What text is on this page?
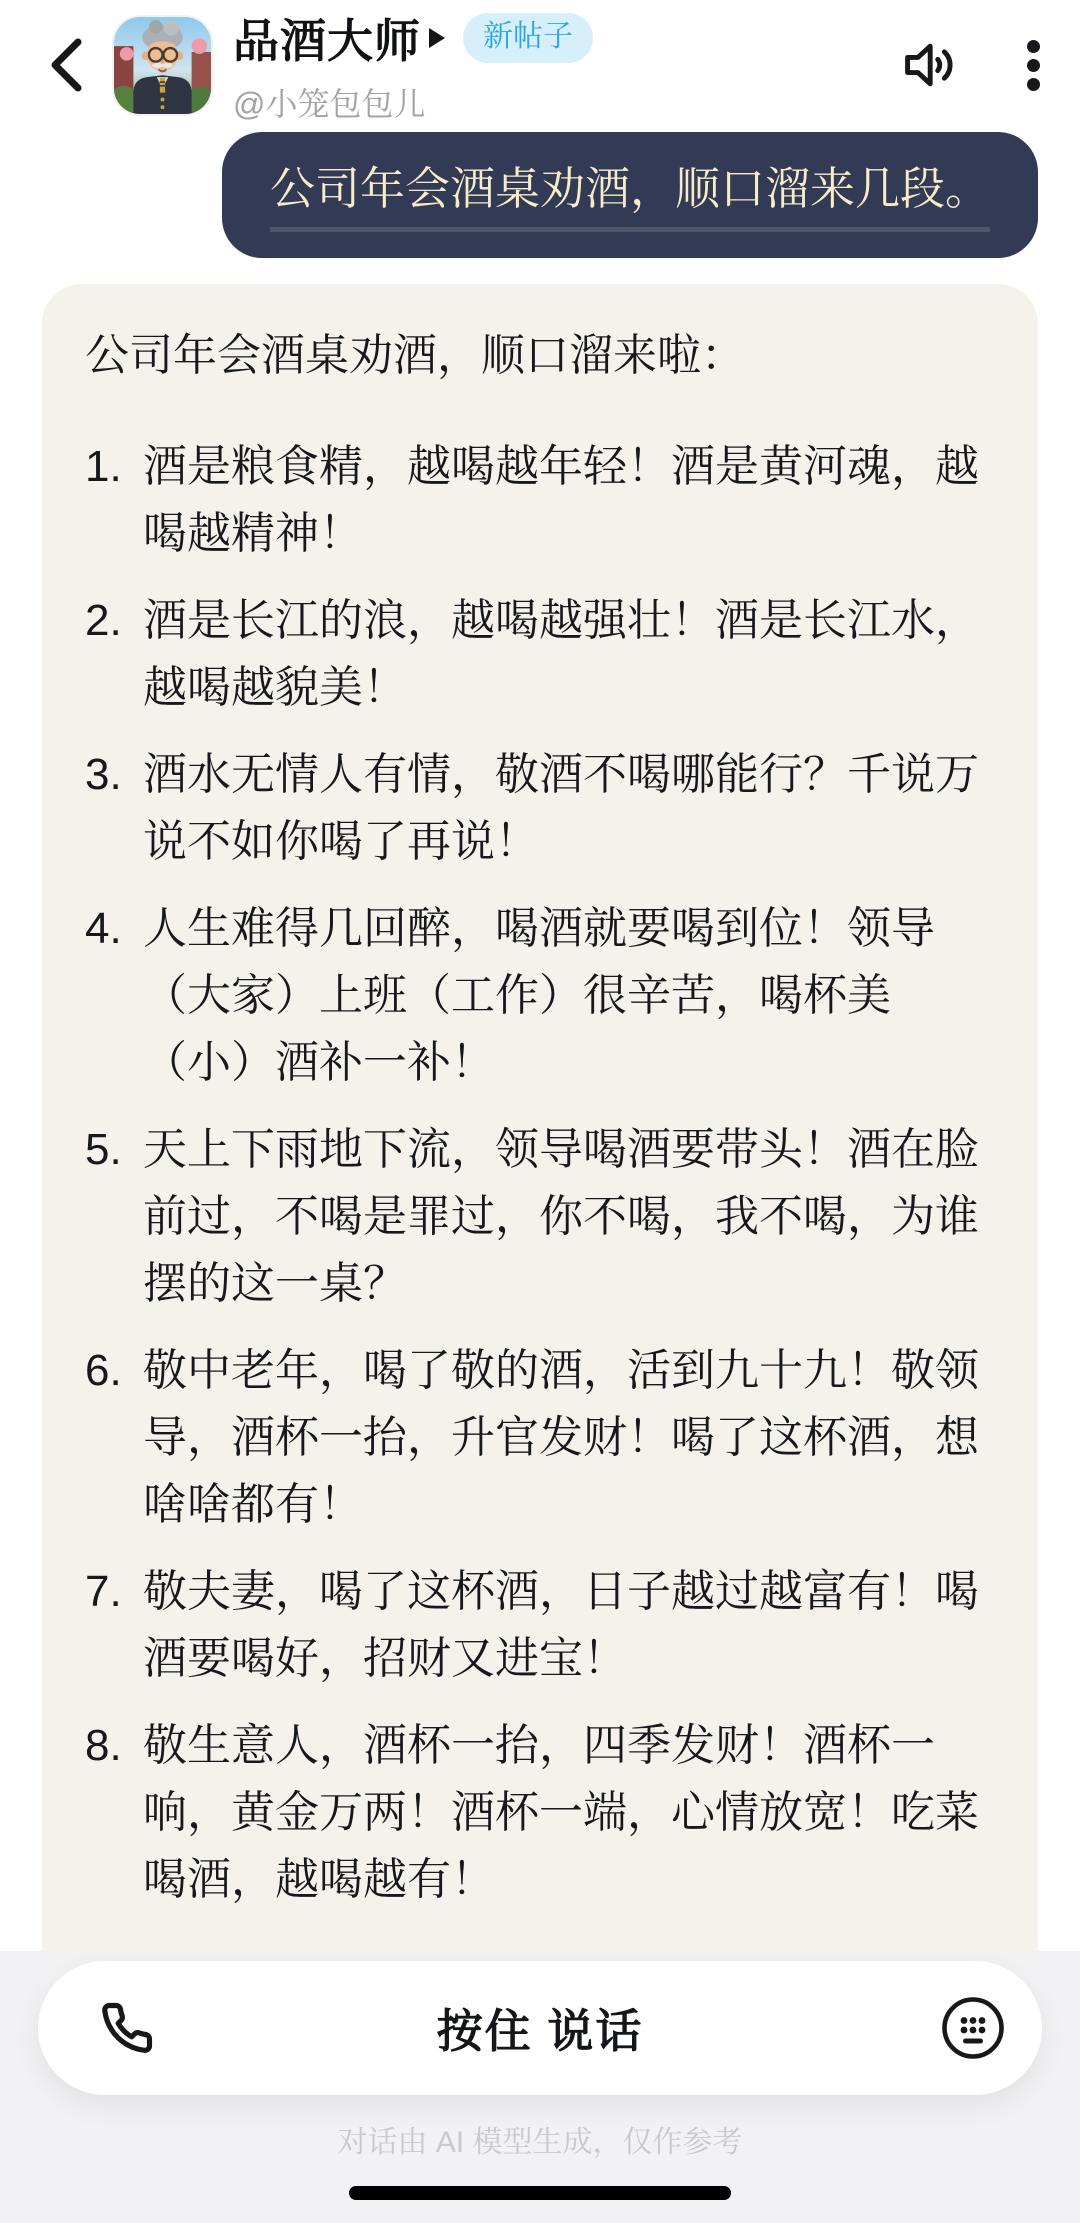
品酒大师	新帖子
@小笼包包儿
公司年会酒桌劝酒，顺口溜来几段。
公司年会酒桌劝酒，顺口溜来啦：
1. 酒是粮食精，越喝越年轻！酒是黄河魂，越喝越精神！
2. 酒是长江的浪，越喝越强壮！酒是长江水，越喝越貌美！
3. 酒水无情人有情，敬酒不喝哪能行？千说万说不如你喝了再说！
4. 人生难得几回醉，喝酒就要喝到位！领导（大家）上班（工作）很辛苦，喝杯美（小）酒补一补！
5. 天上下雨地下流，领导喝酒要带头！酒在脸前过，不喝是罪过，你不喝，我不喝，为谁摆的这一桌？
6. 敬中老年，喝了敬的酒，活到九十九！敬领导，酒杯一抬，升官发财！喝了这杯酒，想啥啥都有！
7. 敬夫妻，喝了这杯酒，日子越过越富有！喝酒要喝好，招财又进宝！
8. 敬生意人，酒杯一抬，四季发财！酒杯一响，黄金万两！酒杯一端，心情放宽！吃菜喝酒，越喝越有！
按住 说话
对话由 AI 模型生成，仅作参考
